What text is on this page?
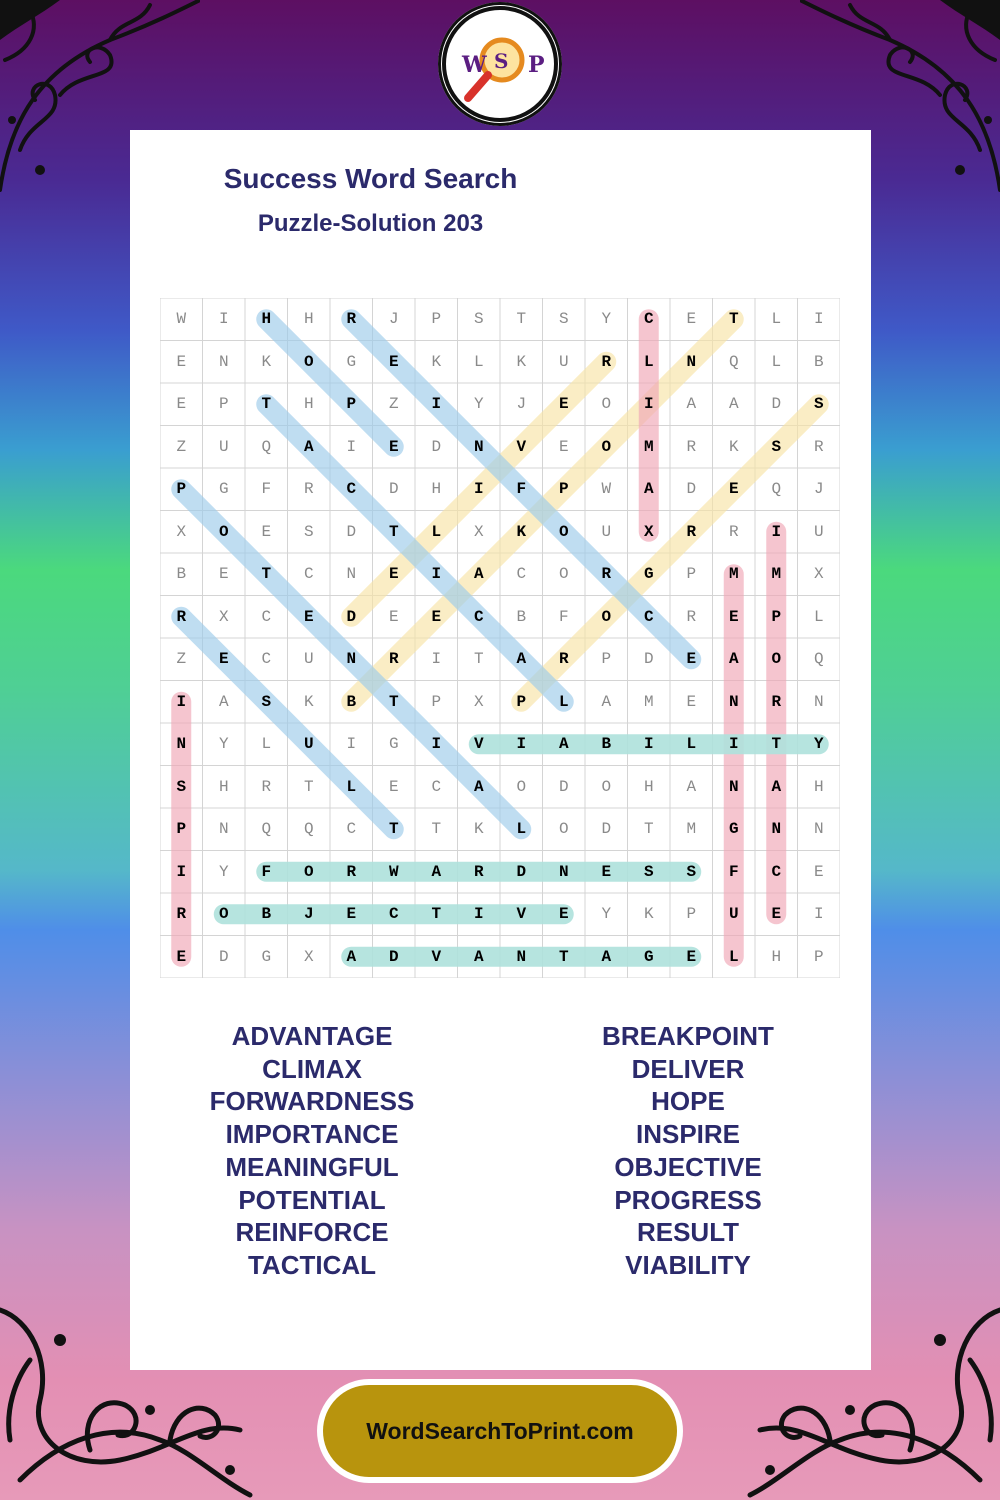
W S P
Success Word Search
Puzzle-Solution 203
W	I	H	H	R	J	P	S	T	S	Y	C	E	T	L	I
E	N	K	O	G	E	K	L	K	U	R	L	N	Q	L	B
E	P	T	H	P	Z	I	Y	J	E	O	I	A	A	D	S
Z	U	Q	A	I	E	D	N	V	E	O	M	R	K	S	R
P	G	F	R	C	D	H	I	F	P	W	A	D	E	Q	J
X	O	E	S	D	T	L	X	K	O	U	X	R	R	I	U
B	E	T	C	N	E	I	A	C	O	R	G	P	M	M	X
R	X	C	E	D	E	E	C	B	F	O	C	R	E	P	L
Z	E	C	U	N	R	I	T	A	R	P	D	E	A	O	Q
I	A	S	K	B	T	P	X	P	L	A	M	E	N	R	N
N	Y	L	U	I	G	I	V	I	A	B	I	L	I	T	Y
S	H	R	T	L	E	C	A	O	D	O	H	A	N	A	H
P	N	Q	Q	C	T	T	K	L	O	D	T	M	G	N	N
I	Y	F	O	R	W	A	R	D	N	E	S	S	F	C	E
R	O	B	J	E	C	T	I	V	E	Y	K	P	U	E	I
E	D	G	X	A	D	V	A	N	T	A	G	E	L	H	P
ADVANTAGE
CLIMAX
FORWARDNESS
IMPORTANCE
MEANINGFUL
POTENTIAL
REINFORCE
TACTICAL
BREAKPOINT
DELIVER
HOPE
INSPIRE
OBJECTIVE
PROGRESS
RESULT
VIABILITY
WordSearchToPrint.com
